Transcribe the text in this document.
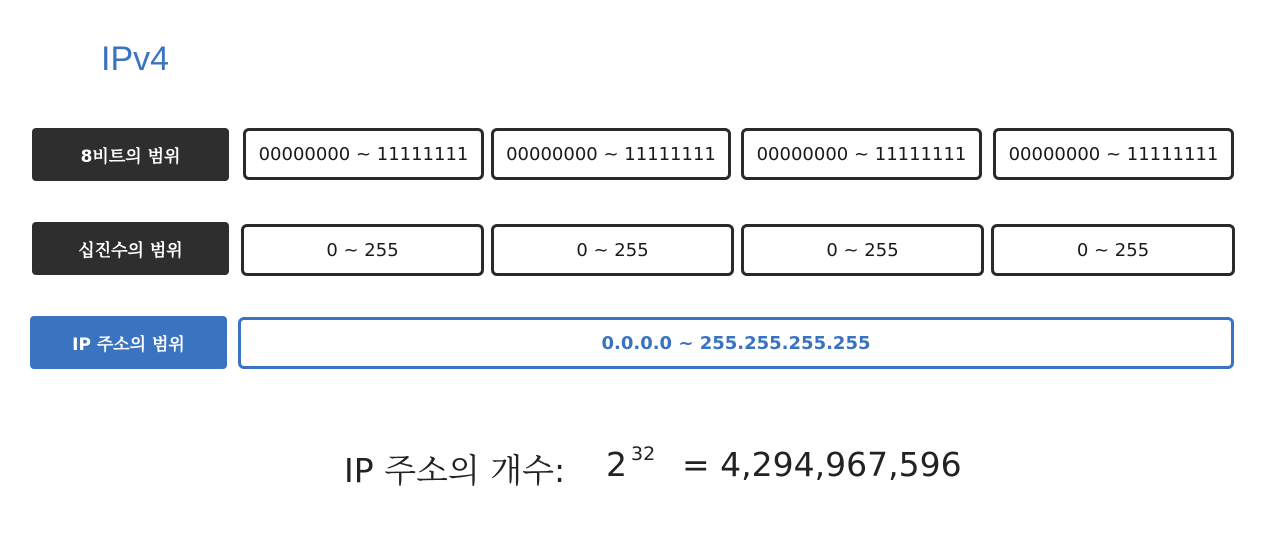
IPv4
8비트의 범위	00000000 ~ 11111111	00000000 ~ 11111111	00000000 ~ 11111111	00000000 ~ 11111111
십진수의 범위	0 ~ 255	0 ~ 255	0 ~ 255	0 ~ 255
IP 주소의 범위	0.0.0.0 ~ 255.255.255.255
IP 주소의 개수: 2 32 = 4,294,967,596
